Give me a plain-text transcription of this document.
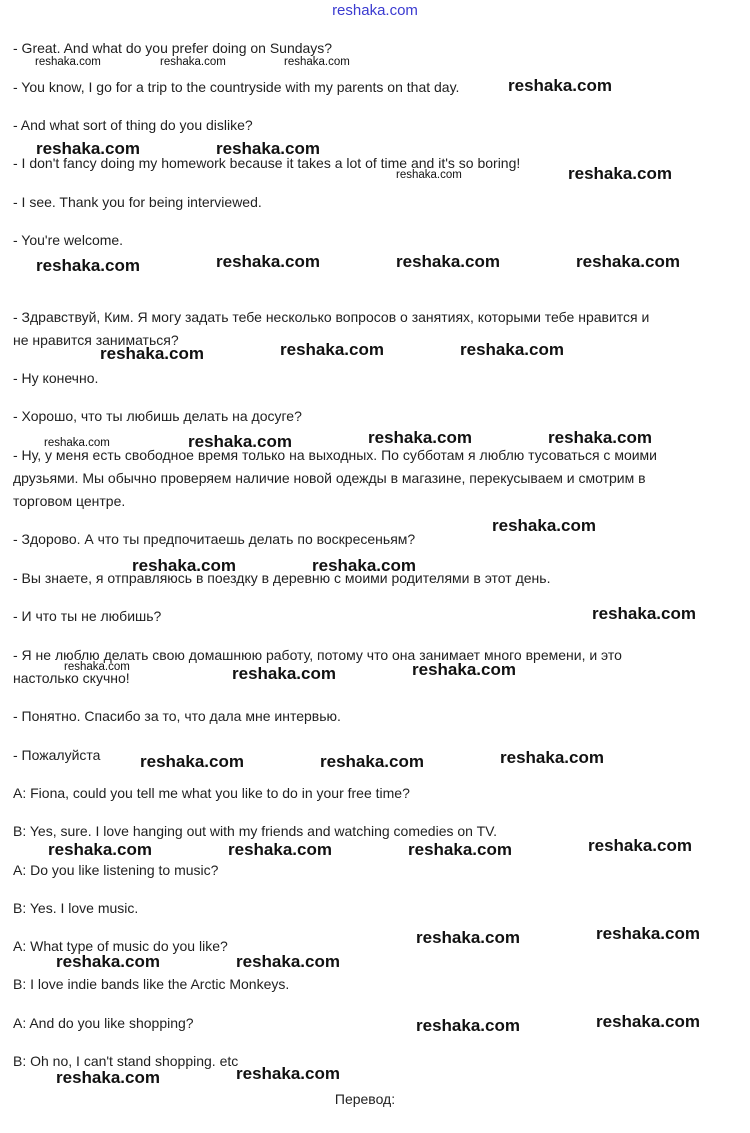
reshaka.com
- Great. And what do you prefer doing on Sundays?
- You know, I go for a trip to the countryside with my parents on that day.
- And what sort of thing do you dislike?
- I don't fancy doing my homework because it takes a lot of time and it's so boring!
- I see. Thank you for being interviewed.
- You're welcome.
- Здравствуй, Ким. Я могу задать тебе несколько вопросов о занятиях, которыми тебе нравится и
не нравится заниматься?
- Ну конечно.
- Хорошо, что ты любишь делать на досуге?
- Ну, у меня есть свободное время только на выходных. По субботам я люблю тусоваться с моими
друзьями. Мы обычно проверяем наличие новой одежды в магазине, перекусываем и смотрим в
торговом центре.
- Здорово. А что ты предпочитаешь делать по воскресеньям?
- Вы знаете, я отправляюсь в поездку в деревню с моими родителями в этот день.
- И что ты не любишь?
- Я не люблю делать свою домашнюю работу, потому что она занимает много времени, и это
настолько скучно!
- Понятно. Спасибо за то, что дала мне интервью.
- Пожалуйста
A: Fiona, could you tell me what you like to do in your free time?
B: Yes, sure. I love hanging out with my friends and watching comedies on TV.
A: Do you like listening to music?
B: Yes. I love music.
A: What type of music do you like?
B: I love indie bands like the Arctic Monkeys.
A: And do you like shopping?
B: Oh no, I can't stand shopping. etc
Перевод:
reshaka.com	reshaka.com	reshaka.com
reshaka.com
reshaka.com	reshaka.com
reshaka.com	reshaka.com
reshaka.com	reshaka.com	reshaka.com	reshaka.com
reshaka.com	reshaka.com	reshaka.com
reshaka.com	reshaka.com	reshaka.com	reshaka.com
reshaka.com
reshaka.com	reshaka.com
reshaka.com
reshaka.com	reshaka.com	reshaka.com
reshaka.com	reshaka.com	reshaka.com
reshaka.com	reshaka.com	reshaka.com	reshaka.com
reshaka.com	reshaka.com
reshaka.com	reshaka.com
reshaka.com	reshaka.com
reshaka.com	reshaka.com
